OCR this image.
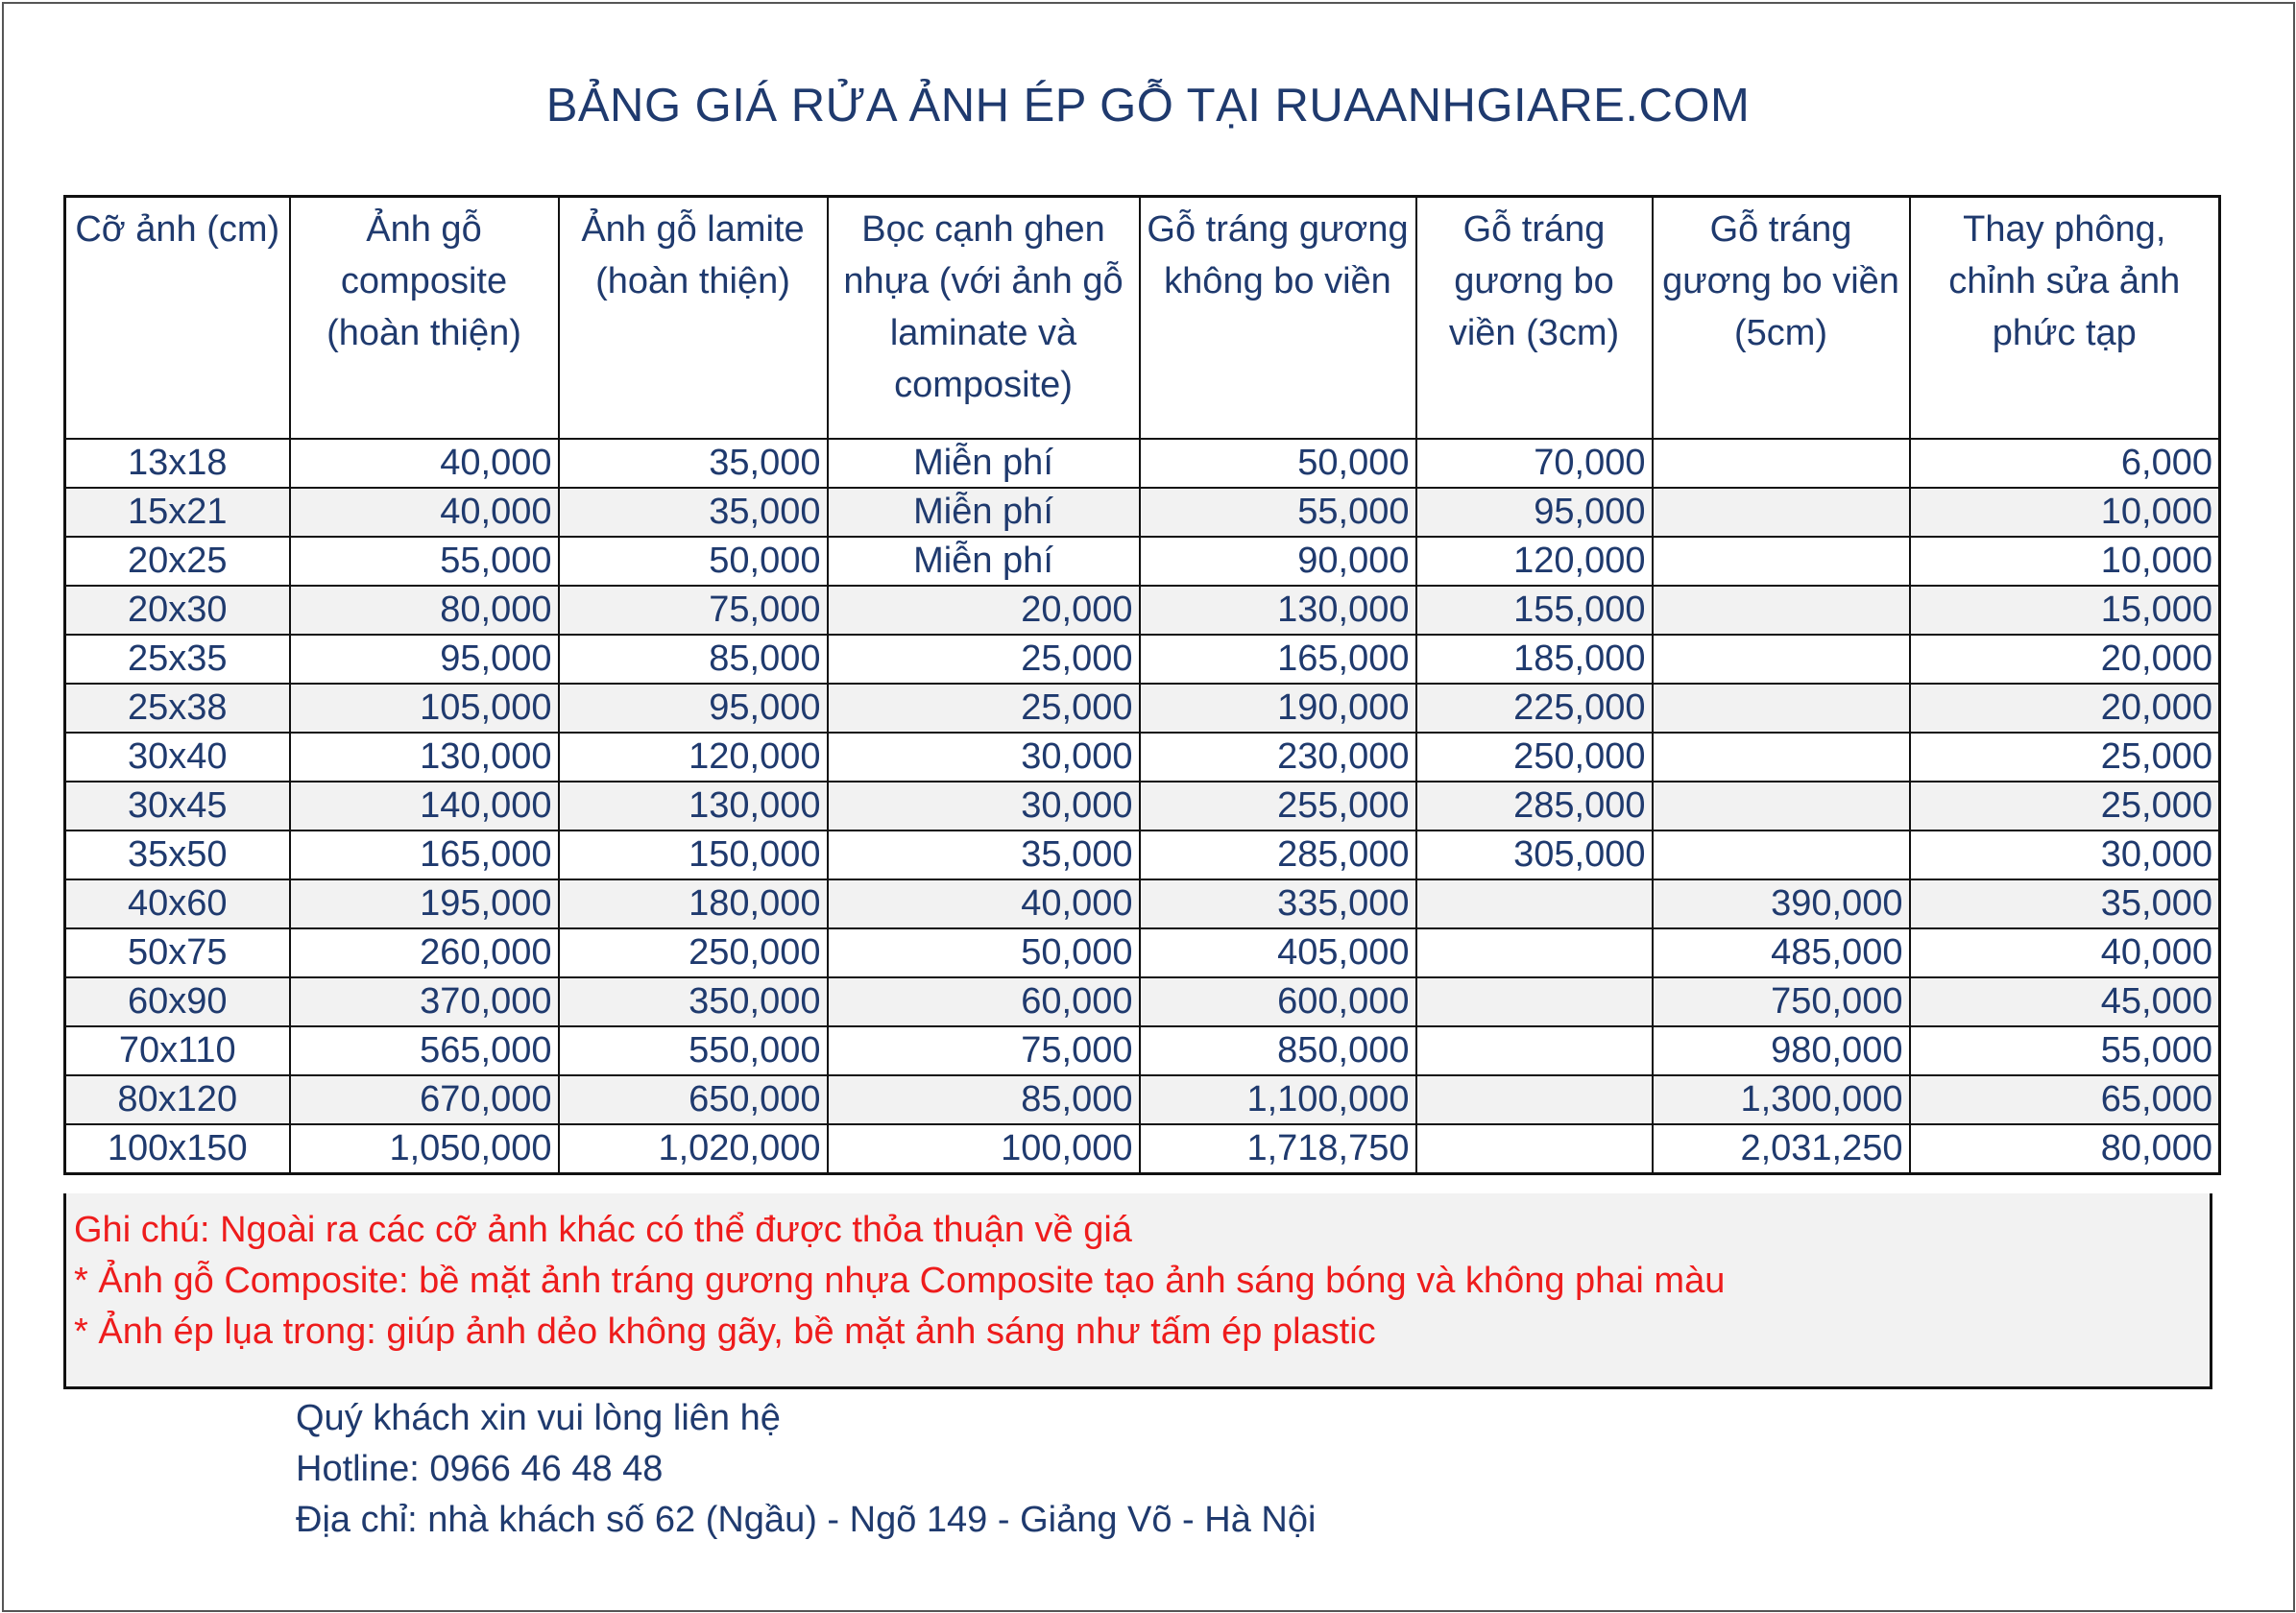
BẢNG GIÁ RỬA ẢNH ÉP GỖ TẠI RUAANHGIARE.COM
Cỡ ảnh (cm)	Ảnh gỗ composite (hoàn thiện)	Ảnh gỗ lamite (hoàn thiện)	Bọc cạnh ghen nhựa (với ảnh gỗ laminate và composite)	Gỗ tráng gương không bo viền	Gỗ tráng gương bo viền (3cm)	Gỗ tráng gương bo viền (5cm)	Thay phông, chỉnh sửa ảnh phức tạp
13x18	40,000	35,000	Miễn phí	50,000	70,000		6,000
15x21	40,000	35,000	Miễn phí	55,000	95,000		10,000
20x25	55,000	50,000	Miễn phí	90,000	120,000		10,000
20x30	80,000	75,000	20,000	130,000	155,000		15,000
25x35	95,000	85,000	25,000	165,000	185,000		20,000
25x38	105,000	95,000	25,000	190,000	225,000		20,000
30x40	130,000	120,000	30,000	230,000	250,000		25,000
30x45	140,000	130,000	30,000	255,000	285,000		25,000
35x50	165,000	150,000	35,000	285,000	305,000		30,000
40x60	195,000	180,000	40,000	335,000		390,000	35,000
50x75	260,000	250,000	50,000	405,000		485,000	40,000
60x90	370,000	350,000	60,000	600,000		750,000	45,000
70x110	565,000	550,000	75,000	850,000		980,000	55,000
80x120	670,000	650,000	85,000	1,100,000		1,300,000	65,000
100x150	1,050,000	1,020,000	100,000	1,718,750		2,031,250	80,000
Ghi chú: Ngoài ra các cỡ ảnh khác có thể được thỏa thuận về giá
* Ảnh gỗ Composite: bề mặt ảnh tráng gương nhựa Composite tạo ảnh sáng bóng và không phai màu
* Ảnh ép lụa trong: giúp ảnh dẻo không gãy, bề mặt ảnh sáng như tấm ép plastic
Quý khách xin vui lòng liên hệ
Hotline: 0966 46 48 48
Địa chỉ: nhà khách số 62 (Ngầu) - Ngõ 149 - Giảng Võ - Hà Nội
